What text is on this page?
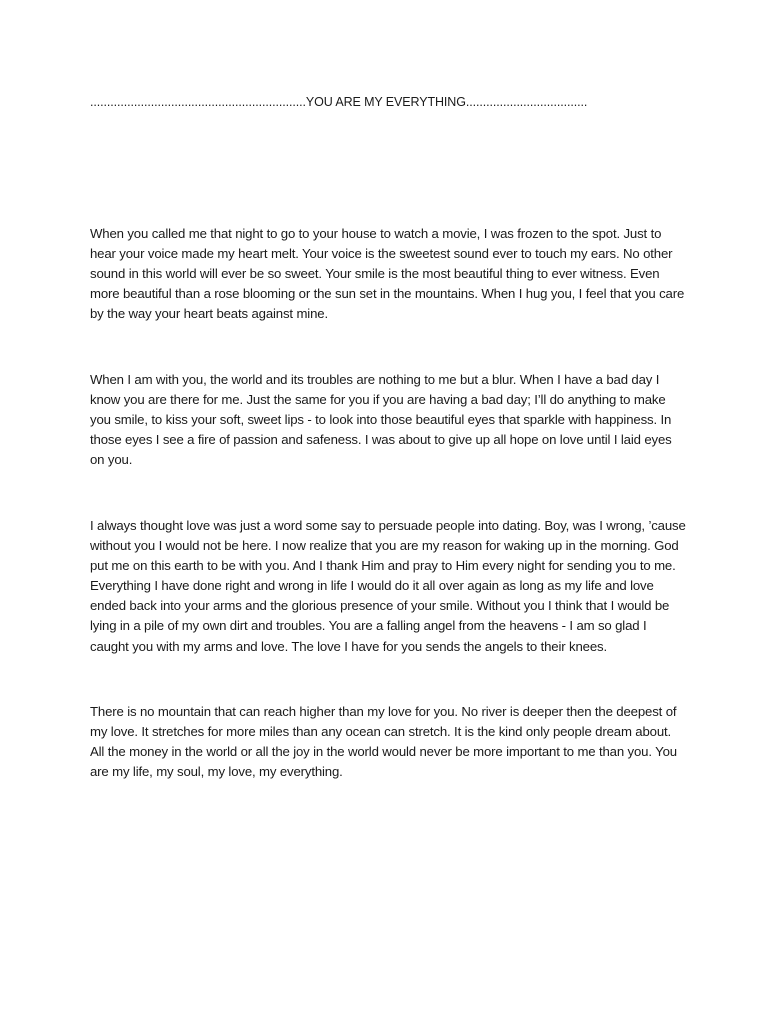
................................................................YOU ARE MY EVERYTHING....................................

When you called me that night to go to your house to watch a movie, I was frozen to the spot. Just to hear your voice made my heart melt. Your voice is the sweetest sound ever to touch my ears. No other sound in this world will ever be so sweet. Your smile is the most beautiful thing to ever witness. Even more beautiful than a rose blooming or the sun set in the mountains. When I hug you, I feel that you care by the way your heart beats against mine.

When I am with you, the world and its troubles are nothing to me but a blur. When I have a bad day I know you are there for me. Just the same for you if you are having a bad day; I’ll do anything to make you smile, to kiss your soft, sweet lips - to look into those beautiful eyes that sparkle with happiness. In those eyes I see a fire of passion and safeness. I was about to give up all hope on love until I laid eyes on you.

I always thought love was just a word some say to persuade people into dating. Boy, was I wrong, ’cause without you I would not be here. I now realize that you are my reason for waking up in the morning. God put me on this earth to be with you. And I thank Him and pray to Him every night for sending you to me. Everything I have done right and wrong in life I would do it all over again as long as my life and love ended back into your arms and the glorious presence of your smile. Without you I think that I would be lying in a pile of my own dirt and troubles. You are a falling angel from the heavens - I am so glad I caught you with my arms and love. The love I have for you sends the angels to their knees.

There is no mountain that can reach higher than my love for you. No river is deeper then the deepest of my love. It stretches for more miles than any ocean can stretch. It is the kind only people dream about. All the money in the world or all the joy in the world would never be more important to me than you. You are my life, my soul, my love, my everything.
